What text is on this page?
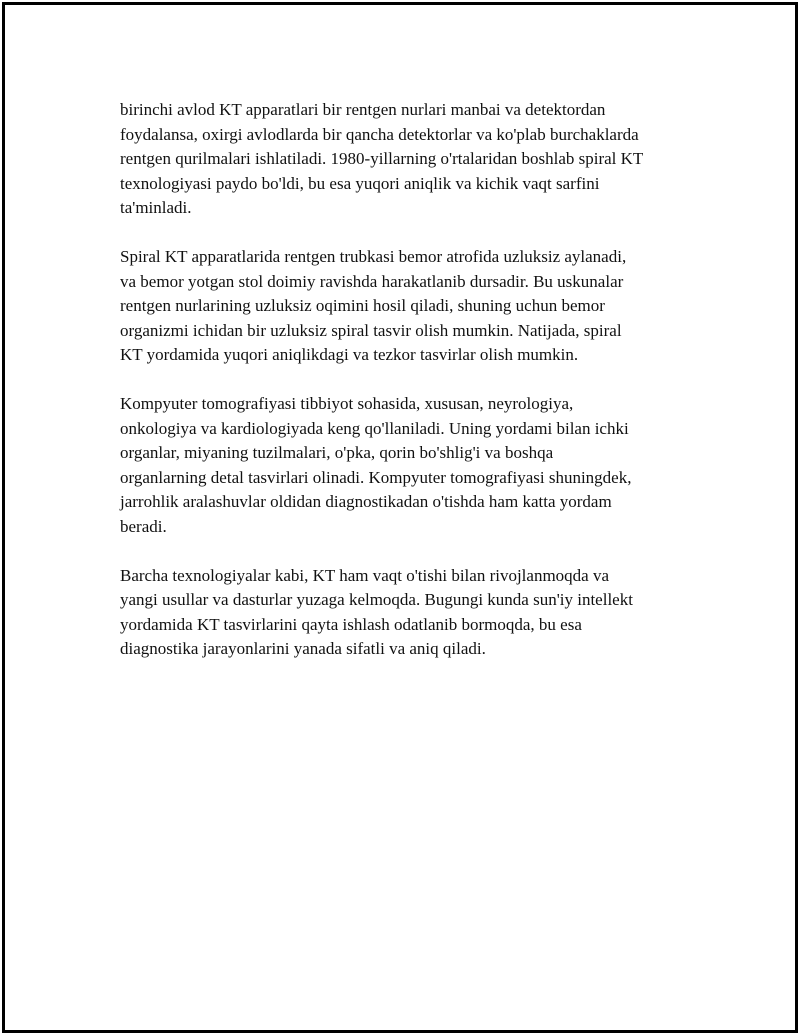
birinchi avlod KT apparatlari bir rentgen nurlari manbai va detektordan
foydalansa, oxirgi avlodlarda bir qancha detektorlar va ko'plab burchaklarda
rentgen qurilmalari ishlatiladi. 1980-yillarning o'rtalaridan boshlab spiral KT
texnologiyasi paydo bo'ldi, bu esa yuqori aniqlik va kichik vaqt sarfini
ta'minladi.

Spiral KT apparatlarida rentgen trubkasi bemor atrofida uzluksiz aylanadi,
va bemor yotgan stol doimiy ravishda harakatlanib dursadir. Bu uskunalar
rentgen nurlarining uzluksiz oqimini hosil qiladi, shuning uchun bemor
organizmi ichidan bir uzluksiz spiral tasvir olish mumkin. Natijada, spiral
KT yordamida yuqori aniqlikdagi va tezkor tasvirlar olish mumkin.

Kompyuter tomografiyasi tibbiyot sohasida, xususan, neyrologiya,
onkologiya va kardiologiyada keng qo'llaniladi. Uning yordami bilan ichki
organlar, miyaning tuzilmalari, o'pka, qorin bo'shlig'i va boshqa
organlarning detal tasvirlari olinadi. Kompyuter tomografiyasi shuningdek,
jarrohlik aralashuvlar oldidan diagnostikadan o'tishda ham katta yordam
beradi.

Barcha texnologiyalar kabi, KT ham vaqt o'tishi bilan rivojlanmoqda va
yangi usullar va dasturlar yuzaga kelmoqda. Bugungi kunda sun'iy intellekt
yordamida KT tasvirlarini qayta ishlash odatlanib bormoqda, bu esa
diagnostika jarayonlarini yanada sifatli va aniq qiladi.
